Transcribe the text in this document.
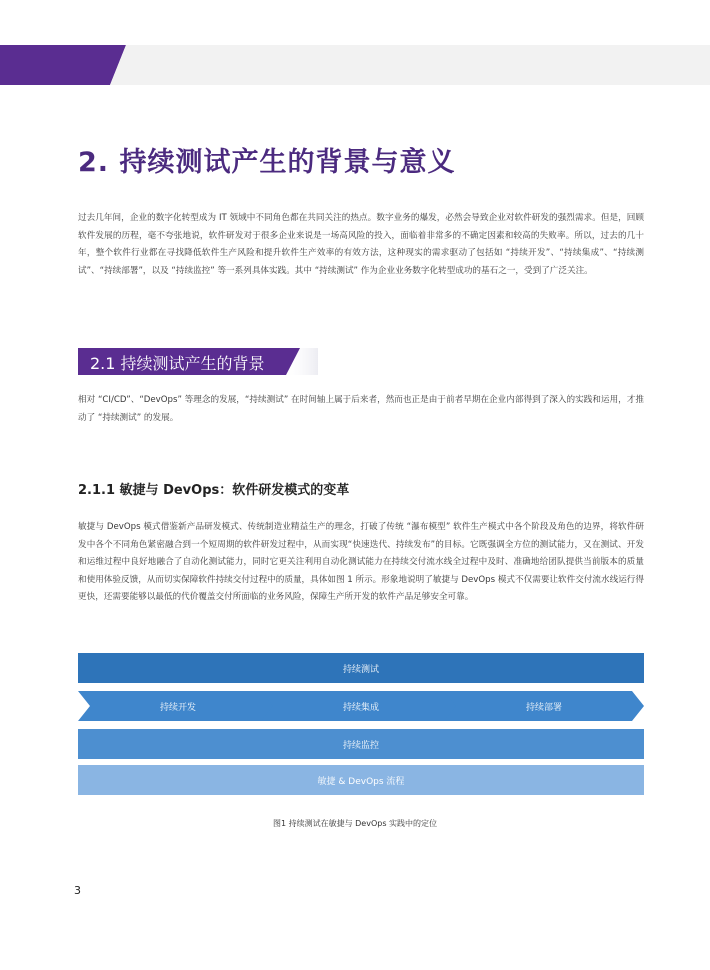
2. 持续测试产生的背景与意义

过去几年间，企业的数字化转型成为 IT 领域中不同角色都在共同关注的热点。数字业务的爆发，必然会导致企业对软件研发的强烈需求。但是，回顾软件发展的历程，毫不夸张地说，软件研发对于很多企业来说是一场高风险的投入，面临着非常多的不确定因素和较高的失败率。所以，过去的几十年，整个软件行业都在寻找降低软件生产风险和提升软件生产效率的有效方法，这种现实的需求驱动了包括如 “持续开发”、“持续集成”、“持续测试”、“持续部署”，以及 “持续监控” 等一系列具体实践。其中 “持续测试” 作为企业业务数字化转型成功的基石之一，受到了广泛关注。

2.1 持续测试产生的背景

相对 “CI/CD”、“DevOps” 等理念的发展，“持续测试” 在时间轴上属于后来者，然而也正是由于前者早期在企业内部得到了深入的实践和运用，才推动了 “持续测试” 的发展。

2.1.1 敏捷与 DevOps：软件研发模式的变革

敏捷与 DevOps 模式借鉴新产品研发模式、传统制造业精益生产的理念，打破了传统 “瀑布模型” 软件生产模式中各个阶段及角色的边界，将软件研发中各个不同角色紧密融合到一个短周期的软件研发过程中，从而实现“快速迭代、持续发布”的目标。它既强调全方位的测试能力，又在测试、开发和运维过程中良好地融合了自动化测试能力，同时它更关注利用自动化测试能力在持续交付流水线全过程中及时、准确地给团队提供当前版本的质量和使用体验反馈，从而切实保障软件持续交付过程中的质量，具体如图 1 所示。形象地说明了敏捷与 DevOps 模式不仅需要让软件交付流水线运行得更快，还需要能够以最低的代价覆盖交付所面临的业务风险，保障生产所开发的软件产品足够安全可靠。

持续测试
持续开发	持续集成	持续部署
持续监控
敏捷 & DevOps 流程
图1 持续测试在敏捷与 DevOps 实践中的定位
3
